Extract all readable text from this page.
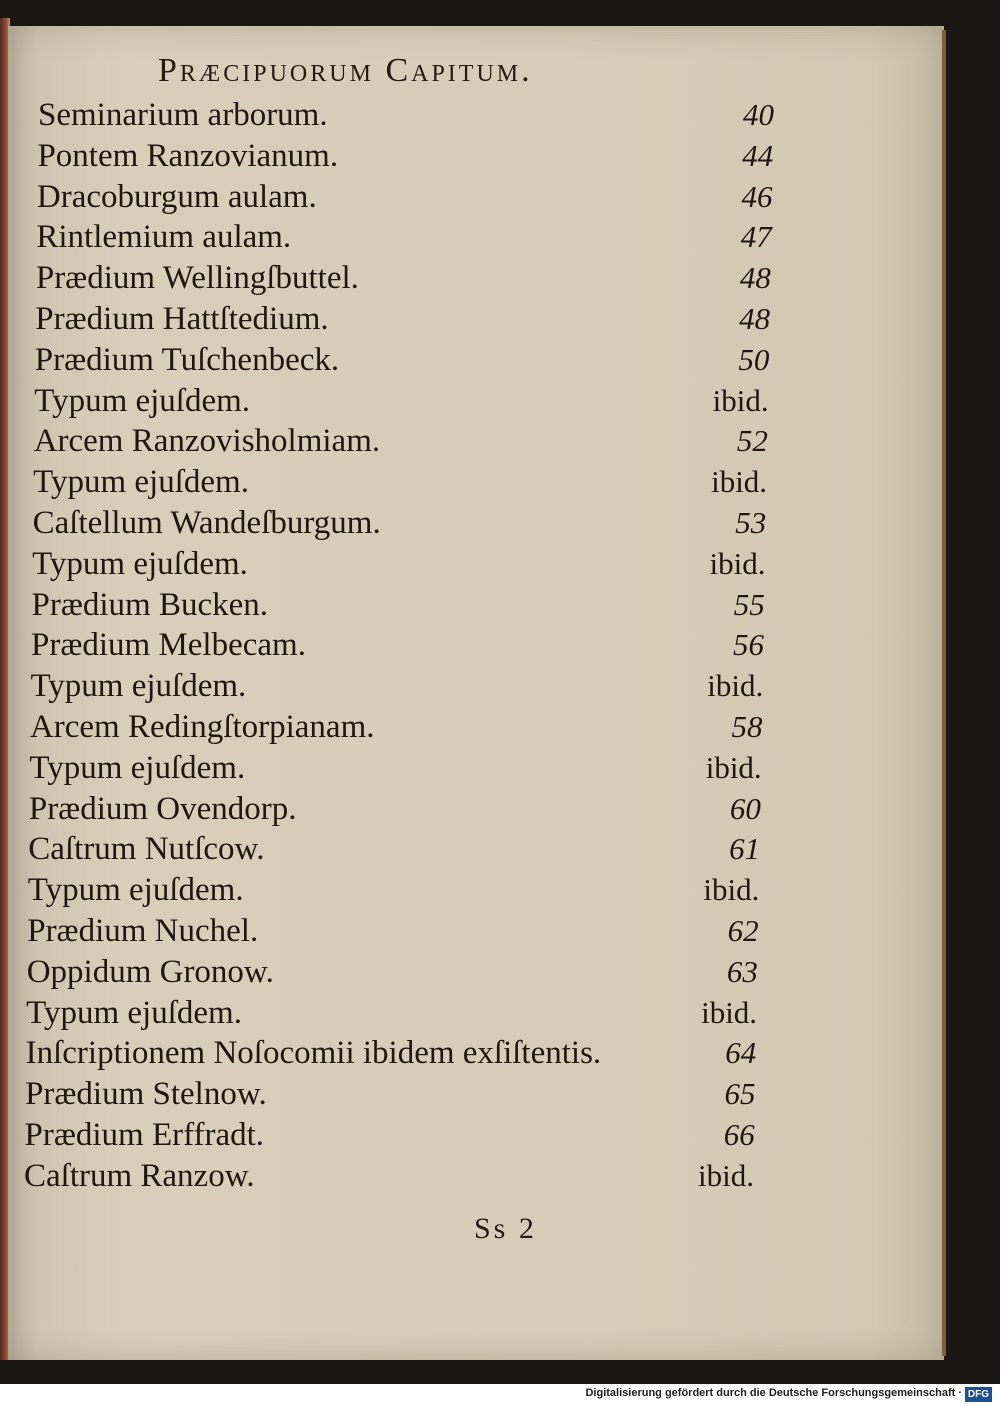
Præcipuorum Capitum.
Seminarium arborum.	40
Pontem Ranzovianum.	44
Dracoburgum aulam.	46
Rintlemium aulam.	47
Prædium Wellingſbuttel.	48
Prædium Hattſtedium.	48
Prædium Tuſchenbeck.	50
Typum ejuſdem.	ibid.
Arcem Ranzovisholmiam.	52
Typum ejuſdem.	ibid.
Caſtellum Wandeſburgum.	53
Typum ejuſdem.	ibid.
Prædium Bucken.	55
Prædium Melbecam.	56
Typum ejuſdem.	ibid.
Arcem Redingſtorpianam.	58
Typum ejuſdem.	ibid.
Prædium Ovendorp.	60
Caſtrum Nutſcow.	61
Typum ejuſdem.	ibid.
Prædium Nuchel.	62
Oppidum Gronow.	63
Typum ejuſdem.	ibid.
Inſcriptionem Noſocomii ibidem exſiſtentis.	64
Prædium Stelnow.	65
Prædium Erffradt.	66
Caſtrum Ranzow.	ibid.
Ss 2
Digitalisierung gefördert durch die Deutsche Forschungsgemeinschaft · DFG
